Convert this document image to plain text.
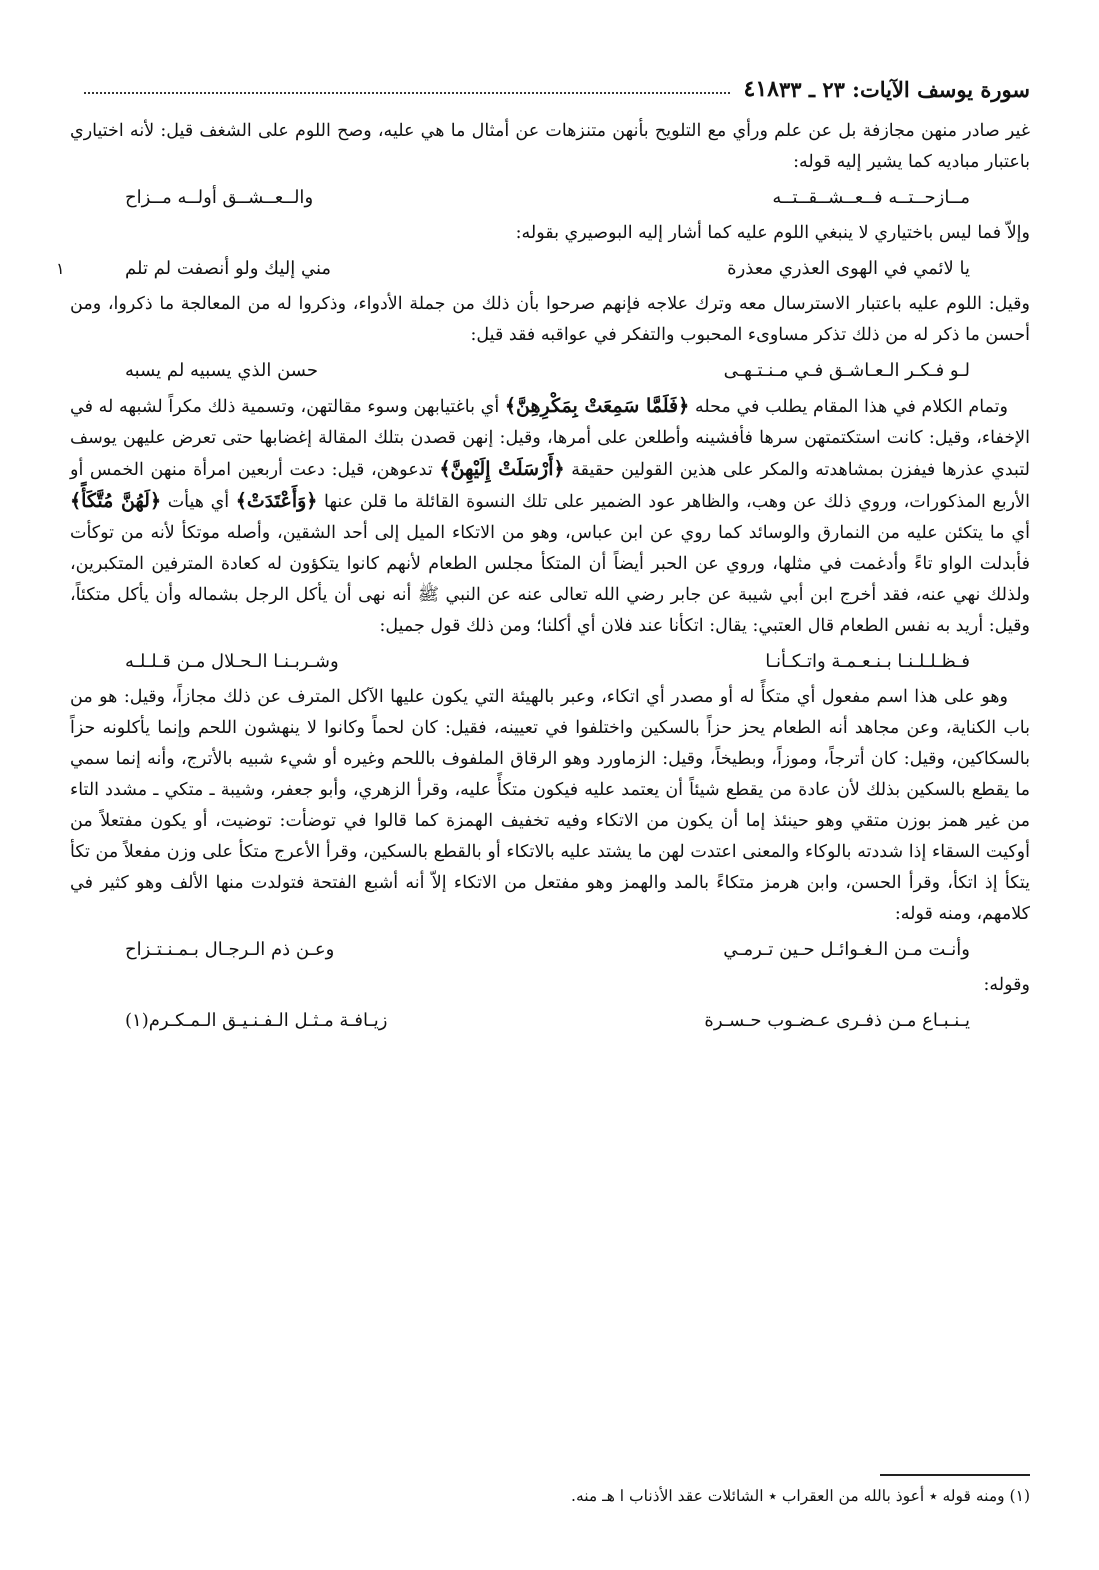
٤١٨ سورة يوسف الآيات: ٢٣ ـ ٣٣

غير صادر منهن مجازفة بل عن علم ورأي مع التلويح بأنهن متنزهات عن أمثال ما هي عليه، وصح اللوم على الشغف قيل: لأنه اختياري باعتبار مباديه كما يشير إليه قوله:

مــازحــتــه فــعــشــقــتــه
والــعــشــق أولــه مــزاح

وإلاّ فما ليس باختياري لا ينبغي اللوم عليه كما أشار إليه البوصيري بقوله:

يا لائمي في الهوى العذري معذرة
مني إليك ولو أنصفت لم تلم
١

وقيل: اللوم عليه باعتبار الاسترسال معه وترك علاجه فإنهم صرحوا بأن ذلك من جملة الأدواء، وذكروا له من المعالجة ما ذكروا، ومن أحسن ما ذكر له من ذلك تذكر مساوىء المحبوب والتفكر في عواقبه فقد قيل:

لـو فـكـر الـعـاشـق فـي مـنـتـهـى
حسن الذي يسبيه لم يسبه

وتمام الكلام في هذا المقام يطلب في محله ﴿فَلَمَّا سَمِعَتْ بِمَكْرِهِنَّ﴾ أي باغتيابهن وسوء مقالتهن، وتسمية ذلك مكراً لشبهه له في الإخفاء، وقيل: كانت استكتمتهن سرها فأفشينه وأطلعن على أمرها، وقيل: إنهن قصدن بتلك المقالة إغضابها حتى تعرض عليهن يوسف لتبدي عذرها فيفزن بمشاهدته والمكر على هذين القولين حقيقة ﴿أَرْسَلَتْ إِلَيْهِنَّ﴾ تدعوهن، قيل: دعت أربعين امرأة منهن الخمس أو الأربع المذكورات، وروي ذلك عن وهب، والظاهر عود الضمير على تلك النسوة القائلة ما قلن عنها ﴿وَأَعْتَدَتْ﴾ أي هيأت ﴿لَهُنَّ مُتَّكَأً﴾ أي ما يتكئن عليه من النمارق والوسائد كما روي عن ابن عباس، وهو من الاتكاء الميل إلى أحد الشقين، وأصله موتكأ لأنه من توكأت فأبدلت الواو تاءً وأدغمت في مثلها، وروي عن الحبر أيضاً أن المتكأ مجلس الطعام لأنهم كانوا يتكؤون له كعادة المترفين المتكبرين، ولذلك نهي عنه، فقد أخرج ابن أبي شيبة عن جابر رضي الله تعالى عنه عن النبي ﷺ أنه نهى أن يأكل الرجل بشماله وأن يأكل متكئاً، وقيل: أريد به نفس الطعام قال العتبي: يقال: اتكأنا عند فلان أي أكلنا؛ ومن ذلك قول جميل:

فـظـلـلـنـا بـنـعـمـة واتـكـأنـا
وشـربـنـا الـحـلال مـن قـلـلـه

وهو على هذا اسم مفعول أي متكأً له أو مصدر أي اتكاء، وعبر بالهيئة التي يكون عليها الآكل المترف عن ذلك مجازاً، وقيل: هو من باب الكناية، وعن مجاهد أنه الطعام يحز حزاً بالسكين واختلفوا في تعيينه، فقيل: كان لحماً وكانوا لا ينهشون اللحم وإنما يأكلونه حزاً بالسكاكين، وقيل: كان أترجاً، وموزاً، وبطيخاً، وقيل: الزماورد وهو الرقاق الملفوف باللحم وغيره أو شيء شبيه بالأترج، وأنه إنما سمي ما يقطع بالسكين بذلك لأن عادة من يقطع شيئاً أن يعتمد عليه فيكون متكأً عليه، وقرأ الزهري، وأبو جعفر، وشيبة ـ متكي ـ مشدد التاء من غير همز بوزن متقي وهو حينئذ إما أن يكون من الاتكاء وفيه تخفيف الهمزة كما قالوا في توضأت: توضيت، أو يكون مفتعلاً من أوكيت السقاء إذا شددته بالوكاء والمعنى اعتدت لهن ما يشتد عليه بالاتكاء أو بالقطع بالسكين، وقرأ الأعرج متكأ على وزن مفعلاً من تكأ يتكأ إذ اتكأ، وقرأ الحسن، وابن هرمز متكاءً بالمد والهمز وهو مفتعل من الاتكاء إلاّ أنه أشبع الفتحة فتولدت منها الألف وهو كثير في كلامهم، ومنه قوله:

وأنـت مـن الـغـوائـل حـين تـرمـي
وعـن ذم الـرجـال بـمـنـتـزاح

وقوله:

يـنـبـاع مـن ذفـرى عـضـوب حـسـرة
زيـافـة مـثـل الـفـنـيـق الـمـكـرم(١)
(١) ومنه قوله ٭ أعوذ بالله من العقراب ٭ الشائلات عقد الأذناب ا هـ منه.
